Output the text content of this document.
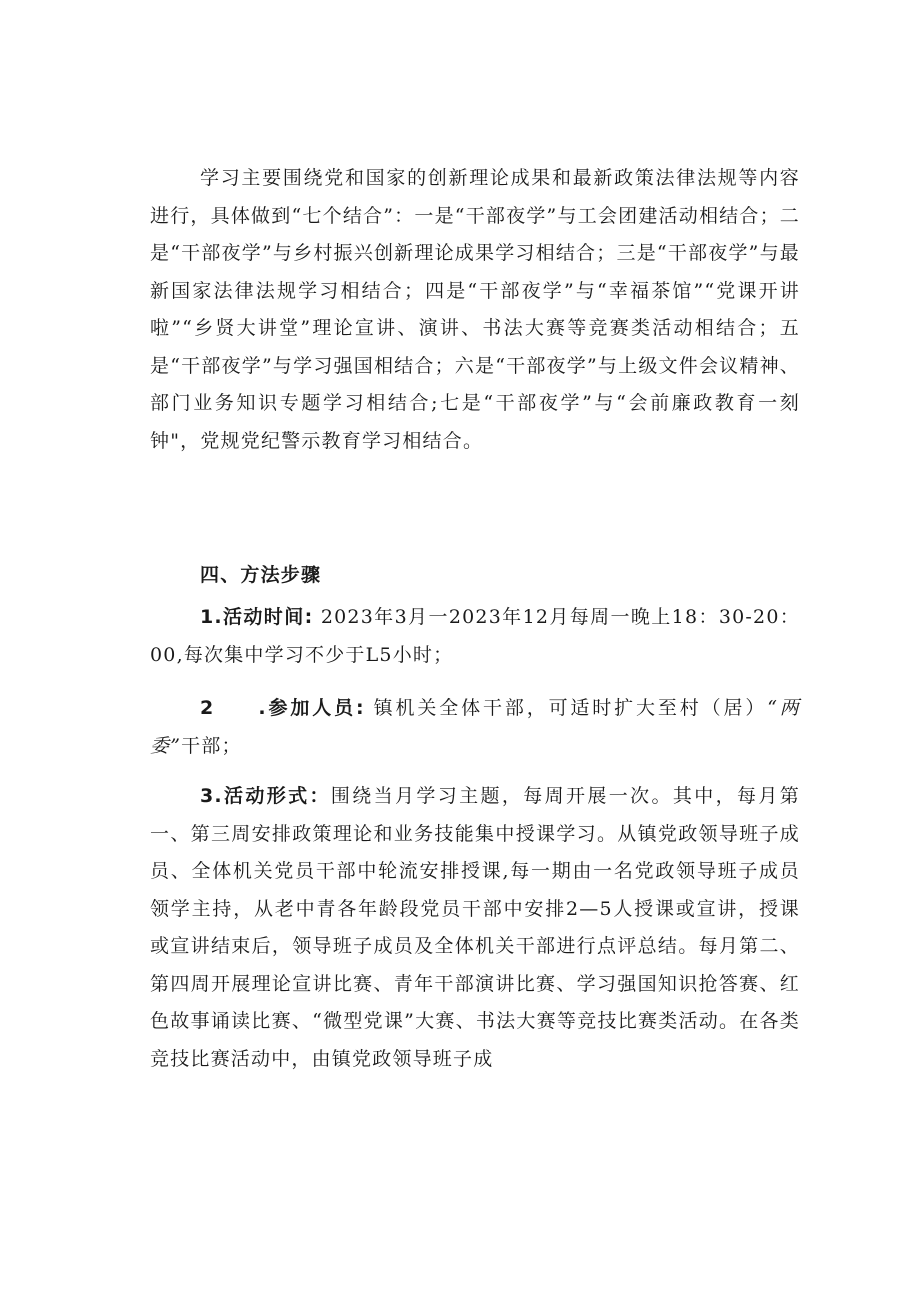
学习主要围绕党和国家的创新理论成果和最新政策法律法规等内容进行，具体做到“七个结合”：一是“干部夜学”与工会团建活动相结合；二是“干部夜学”与乡村振兴创新理论成果学习相结合；三是“干部夜学”与最新国家法律法规学习相结合；四是“干部夜学”与“幸福茶馆”“党课开讲啦”“乡贤大讲堂”理论宣讲、演讲、书法大赛等竞赛类活动相结合；五是“干部夜学”与学习强国相结合；六是“干部夜学”与上级文件会议精神、部门业务知识专题学习相结合;七是“干部夜学”与“会前廉政教育一刻钟"，党规党纪警示教育学习相结合。

四、方法步骤

1.活动时间: 2023年3月一2023年12月每周一晚上18：30-20：00,每次集中学习不少于L5小时；

2 .参加人员: 镇机关全体干部，可适时扩大至村（居）“两委”干部；

3.活动形式：围绕当月学习主题，每周开展一次。其中，每月第一、第三周安排政策理论和业务技能集中授课学习。从镇党政领导班子成员、全体机关党员干部中轮流安排授课,每一期由一名党政领导班子成员领学主持，从老中青各年龄段党员干部中安排2—5人授课或宣讲，授课或宣讲结束后，领导班子成员及全体机关干部进行点评总结。每月第二、第四周开展理论宣讲比赛、青年干部演讲比赛、学习强国知识抢答赛、红色故事诵读比赛、“微型党课”大赛、书法大赛等竞技比赛类活动。在各类竞技比赛活动中，由镇党政领导班子成
